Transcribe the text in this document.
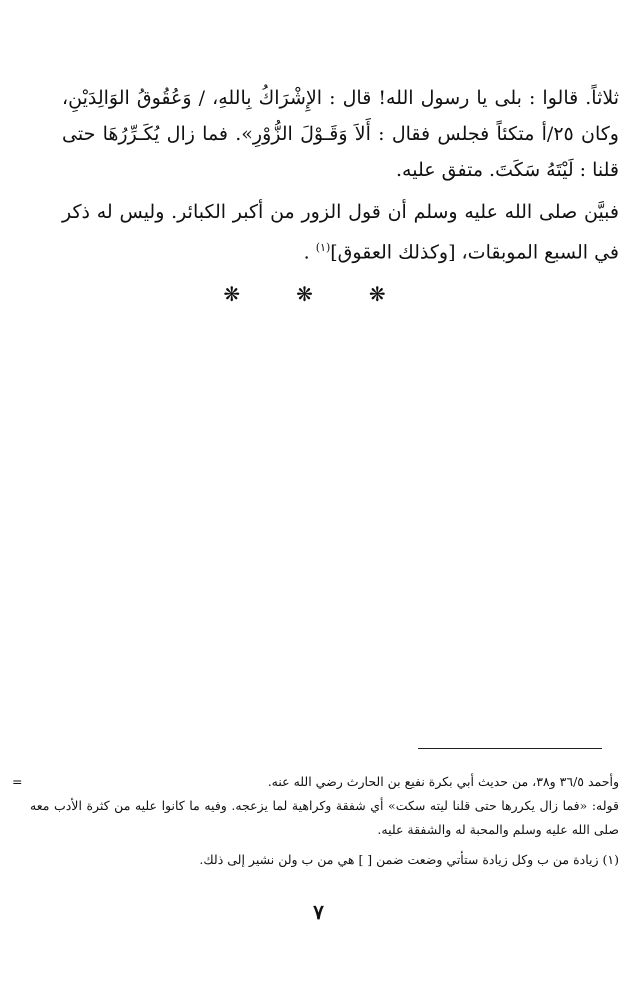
ثلاثاً. قالوا : بلى يا رسول الله! قال : الإِشْرَاكُ بِاللهِ، / وَعُقُوقُ الوَالِدَيْنِ، وكان ٢٥/أ متكئاً فجلس فقال : أَلاَ وَقَـوْلَ الزُّوْرِ». فما زال يُكَـرِّرُهَا حتى قلنا : لَيْتَهُ سَكَتَ. متفق عليه.

فبيَّن صلى الله عليه وسلم أن قول الزور من أكبر الكبائر. وليس له ذكر في السبع الموبقات، [وكذلك العقوق]$^{(١)}$ .

❋ ❋ ❋

=	وأحمد ٣٦/٥ و٣٨، من حديث أبي بكرة نفيع بن الحارث رضي الله عنه.

قوله: «فما زال يكررها حتى قلنا ليته سكت» أي شفقة وكراهية لما يزعجه. وفيه ما كانوا عليه من كثرة الأدب معه صلى الله عليه وسلم والمحبة له والشفقة عليه.

(١) زيادة من ب وكل زيادة ستأتي وضعت ضمن [ ] هي من ب ولن نشير إلى ذلك.

٧
